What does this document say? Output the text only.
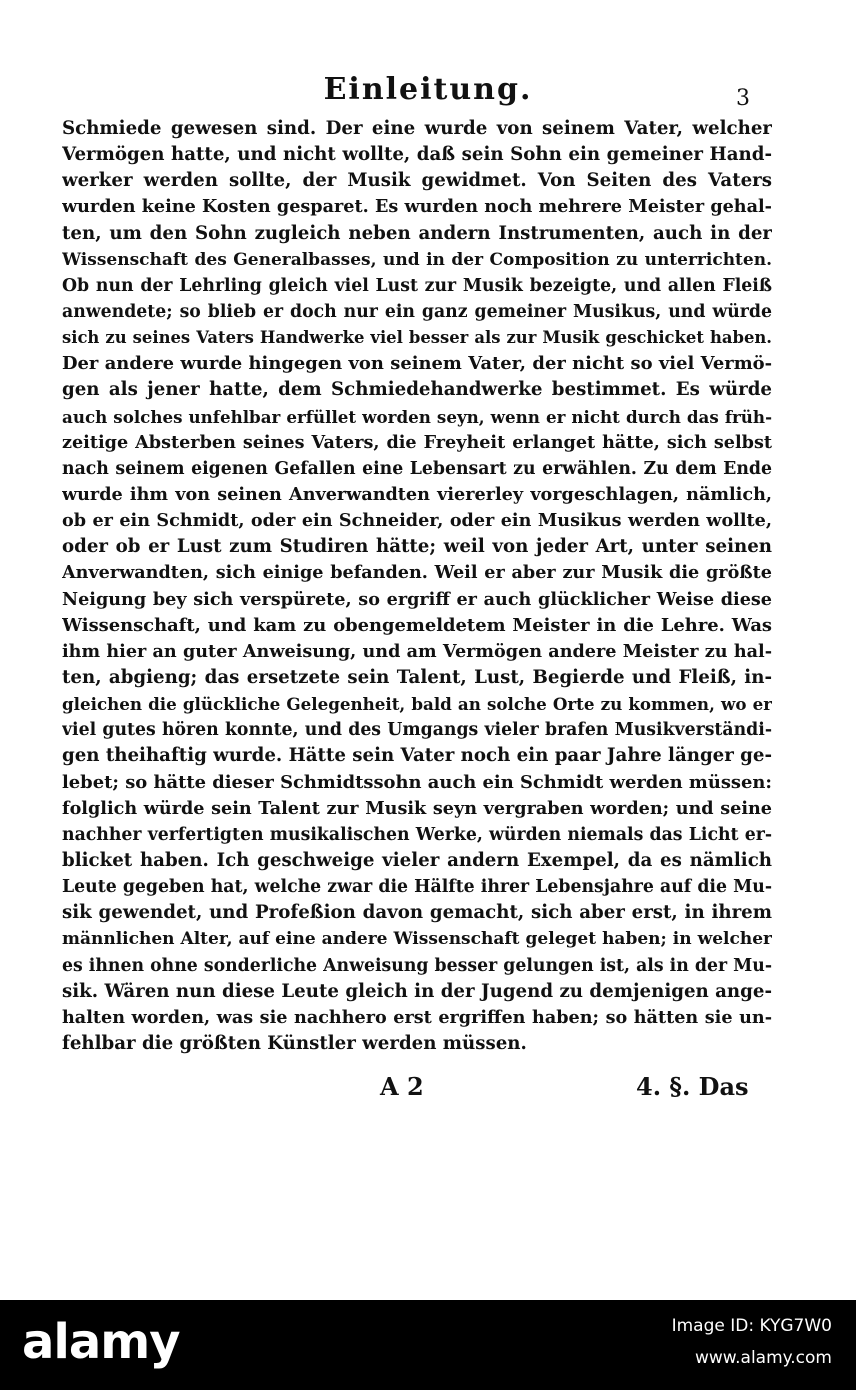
Einleitung.	3
Schmiede gewesen sind. Der eine wurde von seinem Vater, welcher
Vermögen hatte, und nicht wollte, daß sein Sohn ein gemeiner Hand-
werker werden sollte, der Musik gewidmet. Von Seiten des Vaters
wurden keine Kosten gesparet. Es wurden noch mehrere Meister gehal-
ten, um den Sohn zugleich neben andern Instrumenten, auch in der
Wissenschaft des Generalbasses, und in der Composition zu unterrichten.
Ob nun der Lehrling gleich viel Lust zur Musik bezeigte, und allen Fleiß
anwendete; so blieb er doch nur ein ganz gemeiner Musikus, und würde
sich zu seines Vaters Handwerke viel besser als zur Musik geschicket haben.
Der andere wurde hingegen von seinem Vater, der nicht so viel Vermö-
gen als jener hatte, dem Schmiedehandwerke bestimmet. Es würde
auch solches unfehlbar erfüllet worden seyn, wenn er nicht durch das früh-
zeitige Absterben seines Vaters, die Freyheit erlanget hätte, sich selbst
nach seinem eigenen Gefallen eine Lebensart zu erwählen. Zu dem Ende
wurde ihm von seinen Anverwandten viererley vorgeschlagen, nämlich,
ob er ein Schmidt, oder ein Schneider, oder ein Musikus werden wollte,
oder ob er Lust zum Studiren hätte; weil von jeder Art, unter seinen
Anverwandten, sich einige befanden. Weil er aber zur Musik die größte
Neigung bey sich verspürete, so ergriff er auch glücklicher Weise diese
Wissenschaft, und kam zu obengemeldetem Meister in die Lehre. Was
ihm hier an guter Anweisung, und am Vermögen andere Meister zu hal-
ten, abgieng; das ersetzete sein Talent, Lust, Begierde und Fleiß, in-
gleichen die glückliche Gelegenheit, bald an solche Orte zu kommen, wo er
viel gutes hören konnte, und des Umgangs vieler brafen Musikverständi-
gen theihaftig wurde. Hätte sein Vater noch ein paar Jahre länger ge-
lebet; so hätte dieser Schmidtssohn auch ein Schmidt werden müssen:
folglich würde sein Talent zur Musik seyn vergraben worden; und seine
nachher verfertigten musikalischen Werke, würden niemals das Licht er-
blicket haben. Ich geschweige vieler andern Exempel, da es nämlich
Leute gegeben hat, welche zwar die Hälfte ihrer Lebensjahre auf die Mu-
sik gewendet, und Profeßion davon gemacht, sich aber erst, in ihrem
männlichen Alter, auf eine andere Wissenschaft geleget haben; in welcher
es ihnen ohne sonderliche Anweisung besser gelungen ist, als in der Mu-
sik. Wären nun diese Leute gleich in der Jugend zu demjenigen ange-
halten worden, was sie nachhero erst ergriffen haben; so hätten sie un-
fehlbar die größten Künstler werden müssen.
A 2	4. §. Das
alamy	Image ID: KYG7W0
www.alamy.com
